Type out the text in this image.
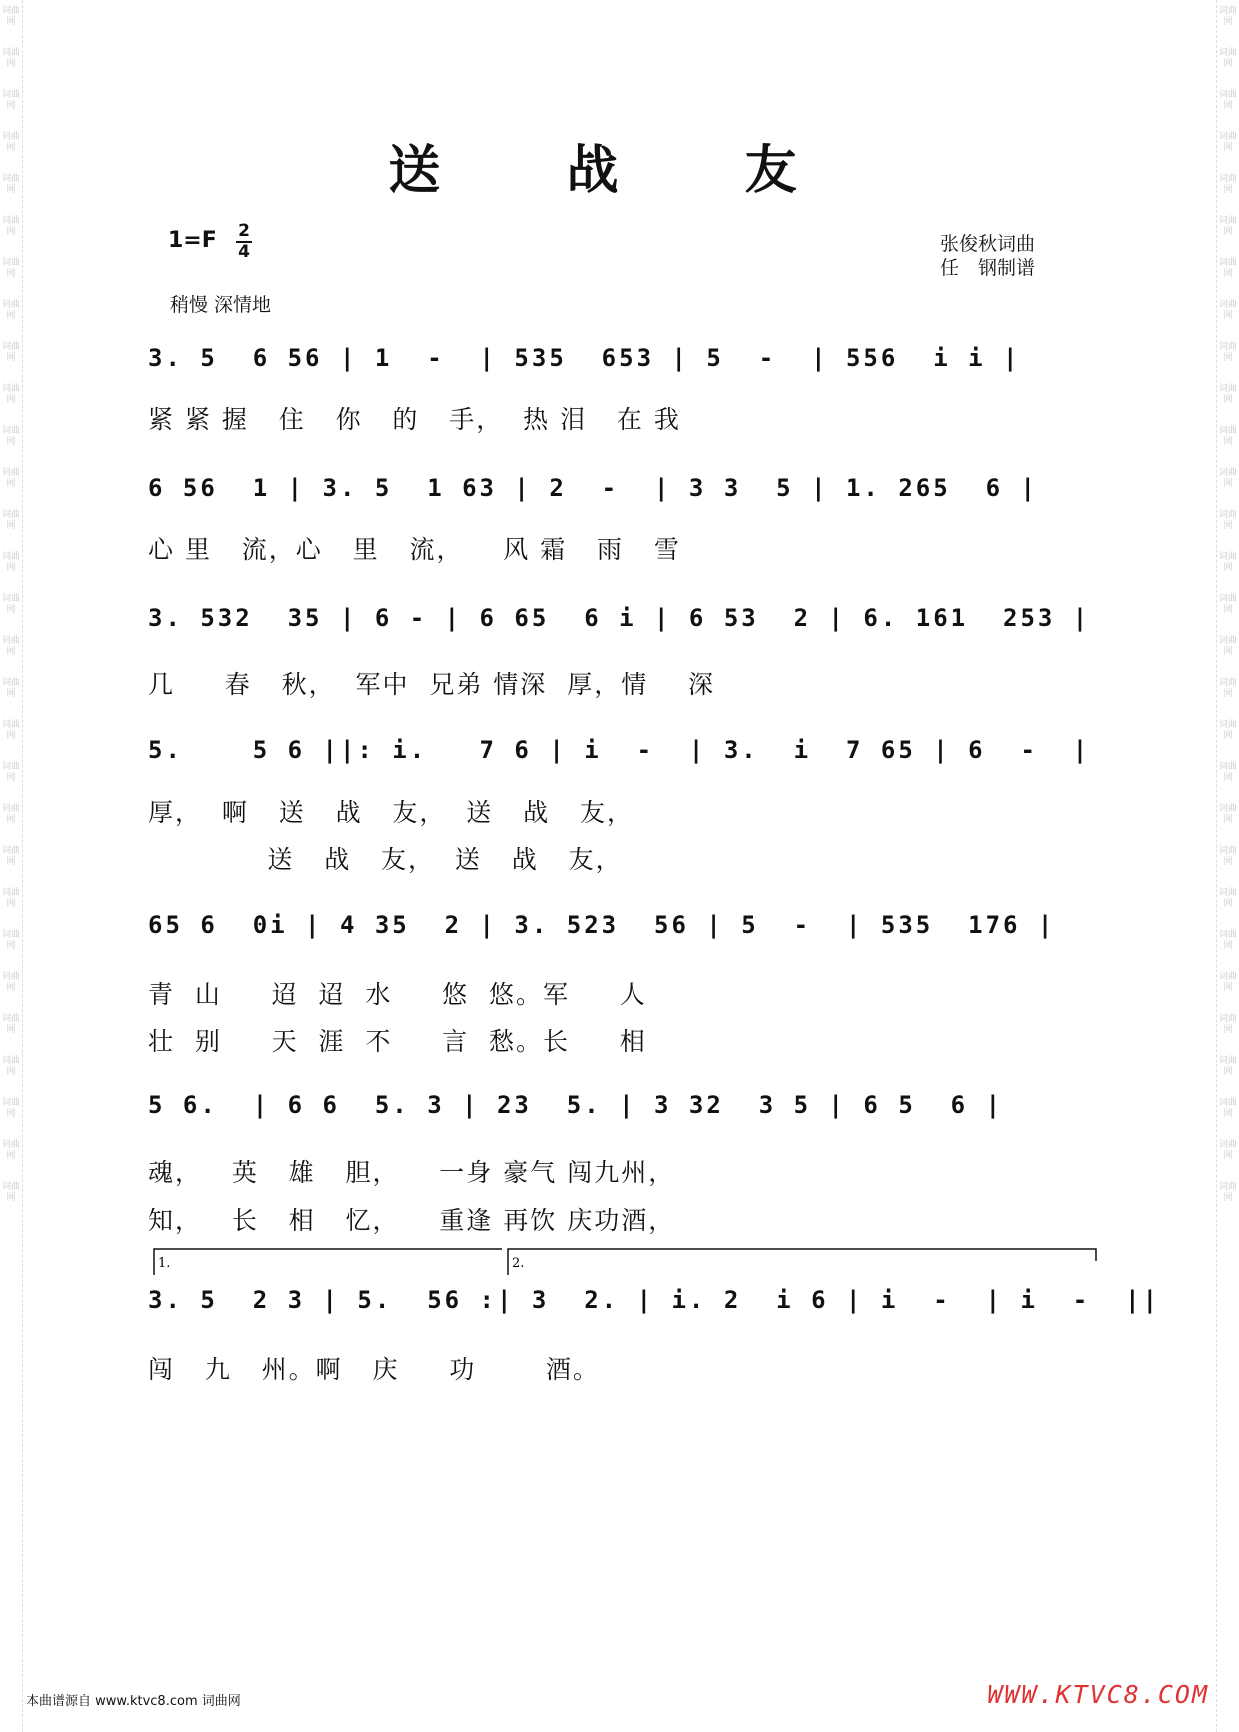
词曲网
词曲网
词曲网
词曲网
词曲网
词曲网
词曲网
词曲网
词曲网
词曲网
词曲网
词曲网
词曲网
词曲网
词曲网
词曲网
词曲网
词曲网
词曲网
词曲网
词曲网
词曲网
词曲网
词曲网
词曲网
词曲网
词曲网
词曲网
词曲网
词曲网
词曲网
词曲网
词曲网
词曲网
词曲网
词曲网
词曲网
词曲网
词曲网
词曲网
词曲网
词曲网
词曲网
词曲网
词曲网
词曲网
词曲网
词曲网
词曲网
词曲网
词曲网
词曲网
词曲网
词曲网
词曲网
词曲网
词曲网
词曲网
送 战 友
1=F 2
4	张俊秋词曲
任　钢制谱
稍慢 深情地
3. 5  6 56 | 1  -  | 535  653 | 5  -  | 556  i i |
紧 紧 握   住   你   的   手，  热 泪   在 我
6 56  1 | 3. 5  1 63 | 2  -  | 3 3  5 | 1. 265  6 |
心 里   流，心   里   流，    风 霜   雨   雪
3. 532  35 | 6 - | 6 65  6 i | 6 53  2 | 6. 161  253 |
几     春   秋，  军中  兄弟 情深  厚，情    深
5.    5 6 ||: i.   7 6 | i  -  | 3.  i  7 65 | 6  -  |
厚，  啊   送   战   友，  送   战   友，
送   战   友，  送   战   友，
65 6  0i | 4 35  2 | 3. 523  56 | 5  -  | 535  176 |
青  山     迢  迢  水     悠  悠。军     人
壮  别     天  涯  不     言  愁。长     相
5 6.  | 6 6  5. 3 | 23  5. | 3 32  3 5 | 6 5  6 |
魂，   英   雄   胆，    一身 豪气 闯九州，
知，   长   相   忆，    重逢 再饮 庆功酒，
1.	2.
3. 5  2 3 | 5.  56 :| 3  2. | i. 2  i 6 | i  -  | i  -  ||
闯   九   州。啊   庆     功       酒。
本曲谱源自 www.ktvc8.com 词曲网	WWW.KTVC8.COM
